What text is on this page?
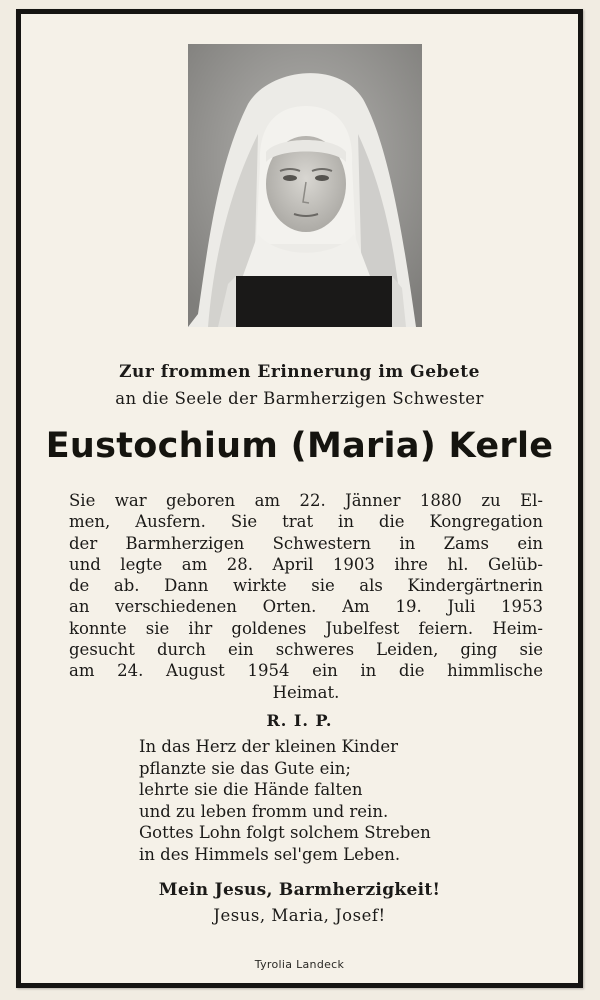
Zur frommen Erinnerung im Gebete
an die Seele der Barmherzigen Schwester
Eustochium (Maria) Kerle
Sie war geboren am 22. Jänner 1880 zu El-
men, Ausfern. Sie trat in die Kongregation
der Barmherzigen Schwestern in Zams ein
und legte am 28. April 1903 ihre hl. Gelüb-
de ab. Dann wirkte sie als Kindergärtnerin
an verschiedenen Orten. Am 19. Juli 1953
konnte sie ihr goldenes Jubelfest feiern. Heim-
gesucht durch ein schweres Leiden, ging sie
am 24. August 1954 ein in die himmlische
Heimat.
R. I. P.
In das Herz der kleinen Kinder
pflanzte sie das Gute ein;
lehrte sie die Hände falten
und zu leben fromm und rein.
Gottes Lohn folgt solchem Streben
in des Himmels sel'gem Leben.
Mein Jesus, Barmherzigkeit!
Jesus, Maria, Josef!
Tyrolia Landeck
